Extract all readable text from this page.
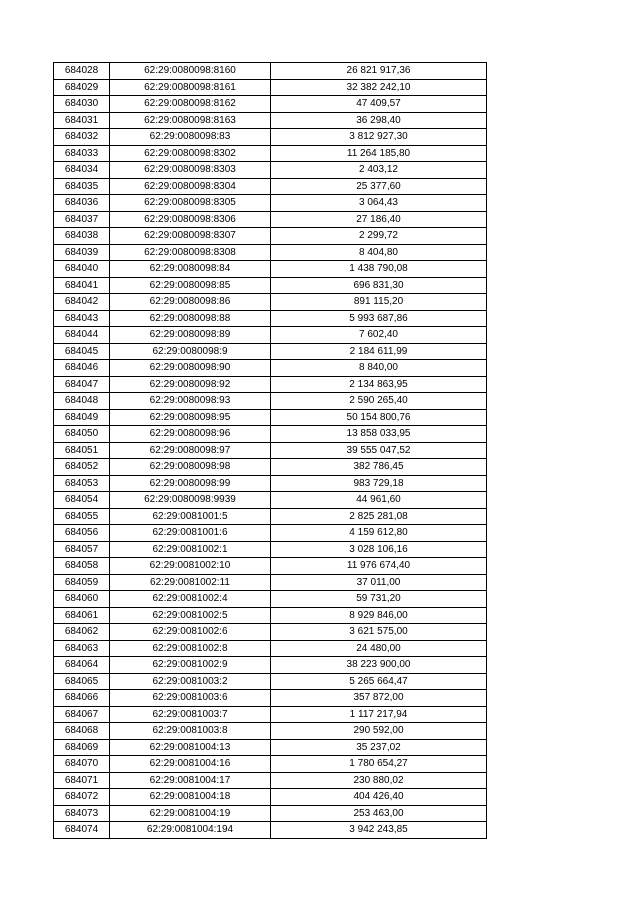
684028	62:29:0080098:8160	26 821 917,36
684029	62:29:0080098:8161	32 382 242,10
684030	62:29:0080098:8162	47 409,57
684031	62:29:0080098:8163	36 298,40
684032	62:29:0080098:83	3 812 927,30
684033	62:29:0080098:8302	11 264 185,80
684034	62:29:0080098:8303	2 403,12
684035	62:29:0080098:8304	25 377,60
684036	62:29:0080098:8305	3 064,43
684037	62:29:0080098:8306	27 186,40
684038	62:29:0080098:8307	2 299,72
684039	62:29:0080098:8308	8 404,80
684040	62:29:0080098:84	1 438 790,08
684041	62:29:0080098:85	696 831,30
684042	62:29:0080098:86	891 115,20
684043	62:29:0080098:88	5 993 687,86
684044	62:29:0080098:89	7 602,40
684045	62:29:0080098:9	2 184 611,99
684046	62:29:0080098:90	8 840,00
684047	62:29:0080098:92	2 134 863,95
684048	62:29:0080098:93	2 590 265,40
684049	62:29:0080098:95	50 154 800,76
684050	62:29:0080098:96	13 858 033,95
684051	62:29:0080098:97	39 555 047,52
684052	62:29:0080098:98	382 786,45
684053	62:29:0080098:99	983 729,18
684054	62:29:0080098:9939	44 961,60
684055	62:29:0081001:5	2 825 281,08
684056	62:29:0081001:6	4 159 612,80
684057	62:29:0081002:1	3 028 106,16
684058	62:29:0081002:10	11 976 674,40
684059	62:29:0081002:11	37 011,00
684060	62:29:0081002:4	59 731,20
684061	62:29:0081002:5	8 929 846,00
684062	62:29:0081002:6	3 621 575,00
684063	62:29:0081002:8	24 480,00
684064	62:29:0081002:9	38 223 900,00
684065	62:29:0081003:2	5 265 664,47
684066	62:29:0081003:6	357 872,00
684067	62:29:0081003:7	1 117 217,94
684068	62:29:0081003:8	290 592,00
684069	62:29:0081004:13	35 237,02
684070	62:29:0081004:16	1 780 654,27
684071	62:29:0081004:17	230 880,02
684072	62:29:0081004:18	404 426,40
684073	62:29:0081004:19	253 463,00
684074	62:29:0081004:194	3 942 243,85
